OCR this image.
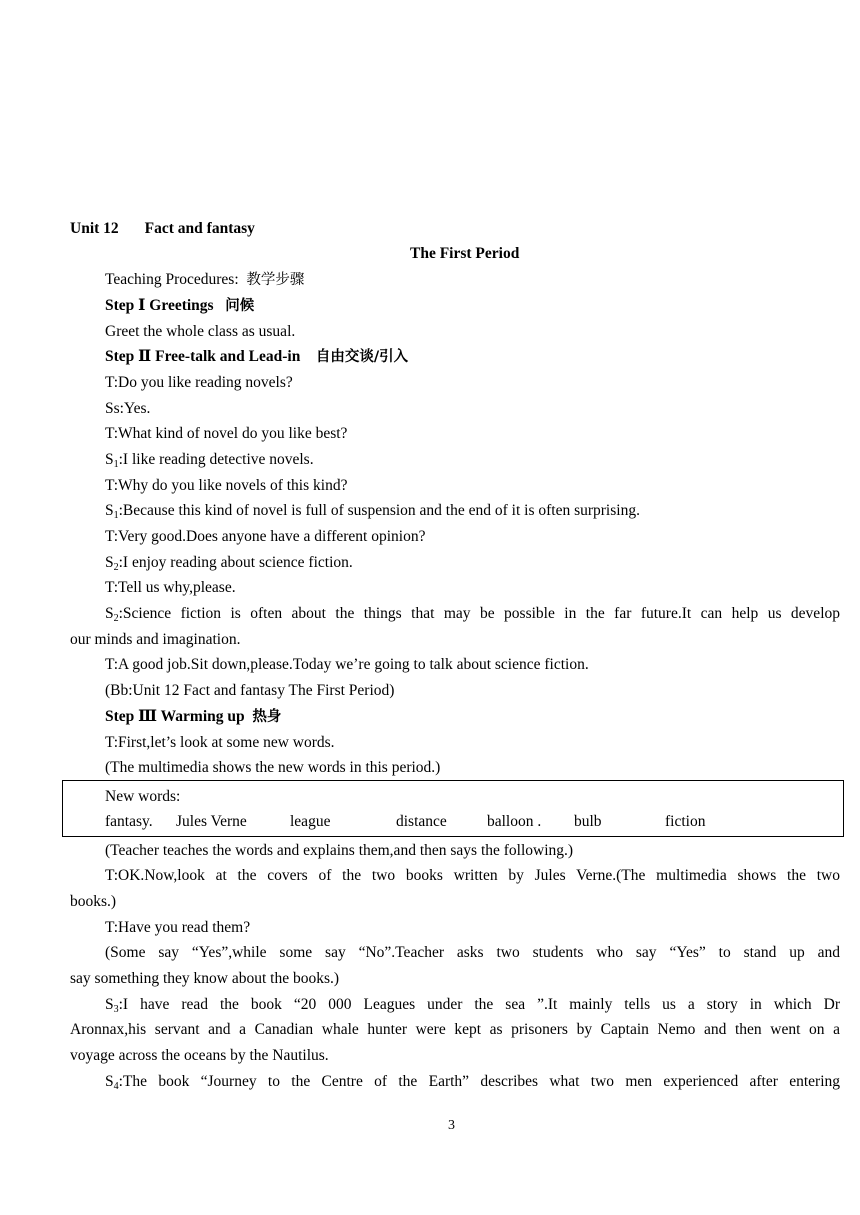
Unit 12 Fact and fantasy
The First Period
Teaching Procedures: 教学步骤
Step Ⅰ Greetings 问候
Greet the whole class as usual.
Step Ⅱ Free-talk and Lead-in 自由交谈/引入
T:Do you like reading novels?
Ss:Yes.
T:What kind of novel do you like best?
$S_1:I$ like reading detective novels.
T:Why do you like novels of this kind?
$S_1:Because$ this kind of novel is full of suspension and the end of it is often surprising.
T:Very good.Does anyone have a different opinion?
$S_2:I$ enjoy reading about science fiction.
T:Tell us why,please.
$S_2:Science$ fiction is often about the things that may be possible in the far future.It can help us develop
our minds and imagination.
T:A good job.Sit down,please.Today we’re going to talk about science fiction.
(Bb:Unit 12 Fact and fantasy The First Period)
Step Ⅲ Warming up 热身
T:First,let’s look at some new words.
(The multimedia shows the new words in this period.)
New words:
fantasy. Jules Verne	league	distance	balloon . bulb	fiction
(Teacher teaches the words and explains them,and then says the following.)
T:OK.Now,look at the covers of the two books written by Jules Verne.(The multimedia shows the two
books.)
T:Have you read them?
(Some say “Yes”,while some say “No”.Teacher asks two students who say “Yes” to stand up and
say something they know about the books.)
$S_3:I$ have read the book “20 000 Leagues under the sea ”.It mainly tells us a story in which Dr
Aronnax,his servant and a Canadian whale hunter were kept as prisoners by Captain Nemo and then went on a
voyage across the oceans by the Nautilus.
$S_4:The$ book “Journey to the Centre of the Earth” describes what two men experienced after entering
3
